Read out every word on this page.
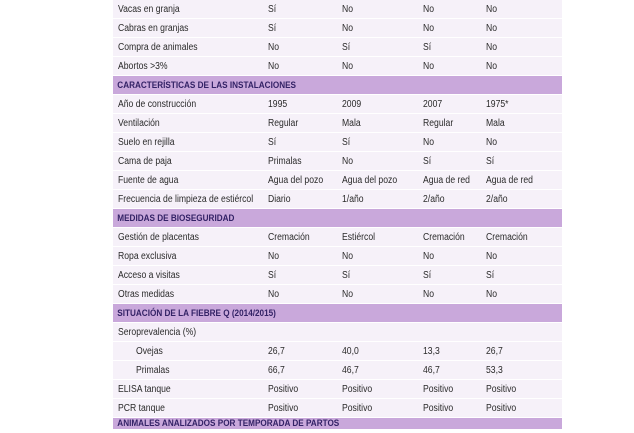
Vacas en granja	Sí	No	No	No
Cabras en granjas	Sí	No	No	No
Compra de animales	No	Sí	Sí	No
Abortos >3%	No	No	No	No
CARACTERÍSTICAS DE LAS INSTALACIONES
Año de construcción	1995	2009	2007	1975*
Ventilación	Regular	Mala	Regular	Mala
Suelo en rejilla	Sí	Sí	No	No
Cama de paja	Primalas	No	Sí	Sí
Fuente de agua	Agua del pozo	Agua del pozo	Agua de red	Agua de red
Frecuencia de limpieza de estiércol	Diario	1/año	2/año	2/año
MEDIDAS DE BIOSEGURIDAD
Gestión de placentas	Cremación	Estiércol	Cremación	Cremación
Ropa exclusiva	No	No	No	No
Acceso a visitas	Sí	Sí	Sí	Sí
Otras medidas	No	No	No	No
SITUACIÓN DE LA FIEBRE Q (2014/2015)
Seroprevalencia (%)
Ovejas	26,7	40,0	13,3	26,7
Primalas	66,7	46,7	46,7	53,3
ELISA tanque	Positivo	Positivo	Positivo	Positivo
PCR tanque	Positivo	Positivo	Positivo	Positivo
ANIMALES ANALIZADOS POR TEMPORADA DE PARTOS
